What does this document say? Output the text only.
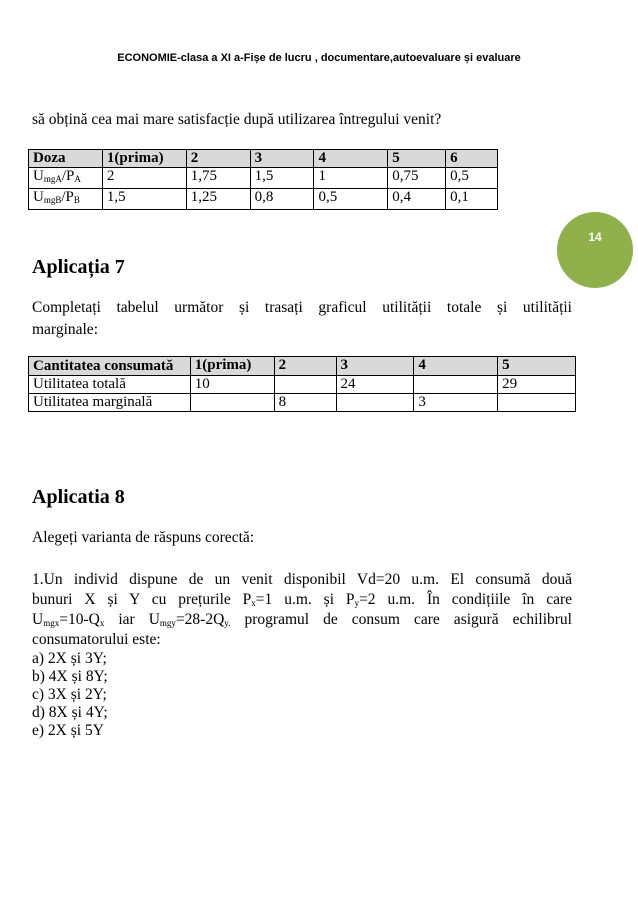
ECONOMIE-clasa a XI a-Fișe de lucru , documentare,autoevaluare și evaluare
14
să obțină cea mai mare satisfacție după utilizarea întregului venit?
Doza	1(prima)	2	3	4	5	6
$U_{mgA}/P_A$	2	1,75	1,5	1	0,75	0,5
$U_{mgB}/P_B$	1,5	1,25	0,8	0,5	0,4	0,1
Aplicația 7
Completați tabelul următor și trasați graficul utilității totale și utilității
marginale:
Cantitatea consumată	1(prima)	2	3	4	5
Utilitatea totală	10		24		29
Utilitatea marginală		8		3	
Aplicatia 8
Alegeți varianta de răspuns corectă:
1.Un individ dispune de un venit disponibil Vd=20 u.m. El consumă două
bunuri X și Y cu prețurile $P_x=1$ u.m. și $P_y=2$ u.m. În condițiile în care
$U_{mgx}=10-Q_x$ iar $U_{mgy}=28-2Q_{y.}$ programul de consum care asigură echilibrul
consumatorului este:
a) 2X și 3Y;
b) 4X și 8Y;
c) 3X și 2Y;
d) 8X și 4Y;
e) 2X și 5Y
